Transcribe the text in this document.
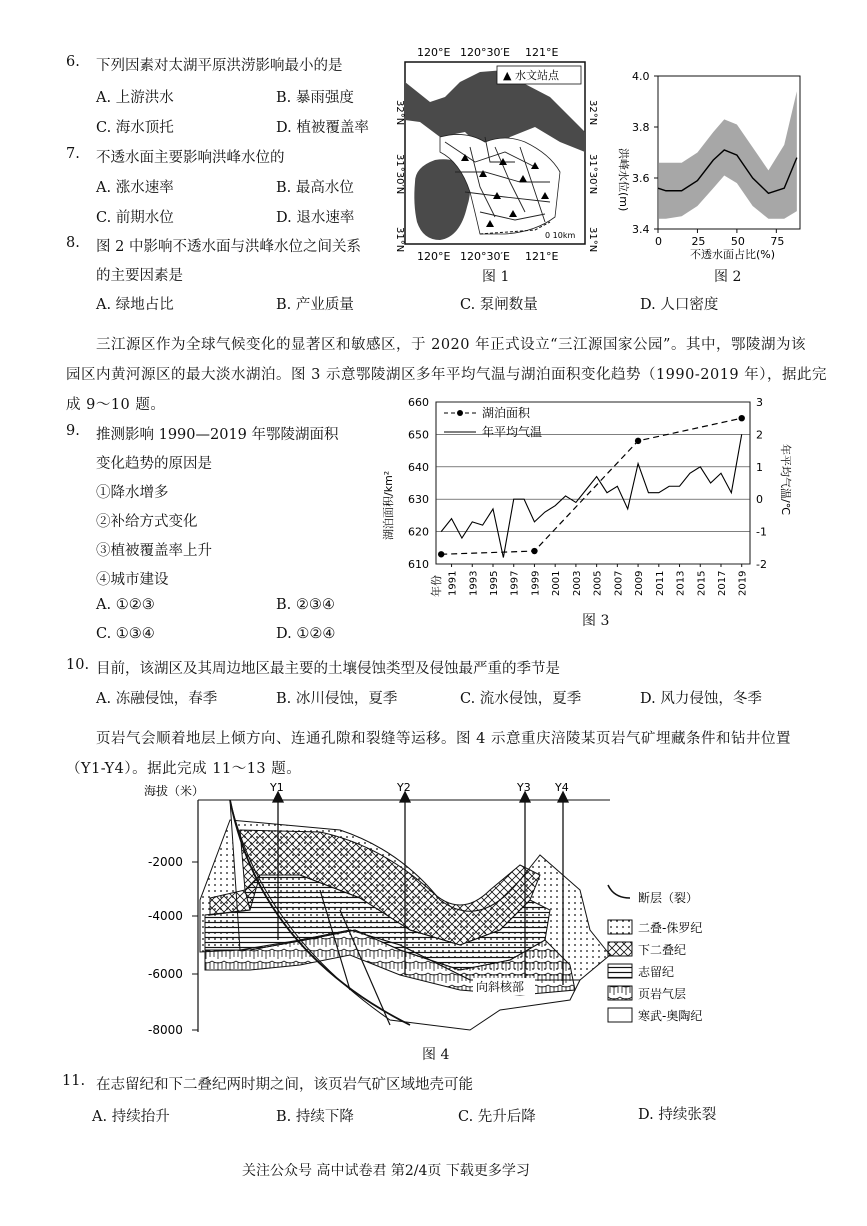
6. 下列因素对太湖平原洪涝影响最小的是
A. 上游洪水	B. 暴雨强度
C. 海水顶托	D. 植被覆盖率
7. 不透水面主要影响洪峰水位的
A. 涨水速率	B. 最高水位
C. 前期水位	D. 退水速率
8. 图 2 中影响不透水面与洪峰水位之间关系
的主要因素是
A. 绿地占比	B. 产业质量	C. 泵闸数量	D. 人口密度
120°E 120°30′E 121°E
32°N
31°30′N
31°N
32°N
31°30′N
31°N
▲ 水文站点
0 10km
120°E 120°30′E 121°E
图 1
洪峰水位(m)
不透水面占比(%)
3.4
3.6
3.8
4.0
0	25 50 75
图 2
三江源区作为全球气候变化的显著区和敏感区，于 2020 年正式设立“三江源国家公园”。其中，鄂陵湖为该
园区内黄河源区的最大淡水湖泊。图 3 示意鄂陵湖区多年平均气温与湖泊面积变化趋势（1990-2019 年），据此完
成 9～10 题。
9. 推测影响 1990—2019 年鄂陵湖面积
变化趋势的原因是
①降水增多
②补给方式变化
③植被覆盖率上升
④城市建设
A. ①②③	B. ②③④
C. ①③④	D. ①②④
湖泊面积/km²	年平均气温/℃
年份
610
620
630
640
650
660
-2
-1
0
1
2
3
1991 1993 1995 1997 1999 2001 2003 2005 2007 2009 2011 2013 2015 2017 2019
湖泊面积
年平均气温
图 3
10. 目前，该湖区及其周边地区最主要的土壤侵蚀类型及侵蚀最严重的季节是
A. 冻融侵蚀，春季	B. 冰川侵蚀，夏季	C. 流水侵蚀，夏季	D. 风力侵蚀，冬季
页岩气会顺着地层上倾方向、连通孔隙和裂缝等运移。图 4 示意重庆涪陵某页岩气矿埋藏条件和钻井位置
（Y1-Y4）。据此完成 11～13 题。
海拔（米）
-2000
-4000
-6000
-8000
Y1	Y2	Y3 Y4
向斜核部
断层（裂）
二叠-侏罗纪
下二叠纪
志留纪
页岩气层
寒武-奥陶纪
图 4
11. 在志留纪和下二叠纪两时期之间，该页岩气矿区域地壳可能
A. 持续抬升	B. 持续下降	C. 先升后降	D. 持续张裂
关注公众号 高中试卷君 第2/4页 下载更多学习
